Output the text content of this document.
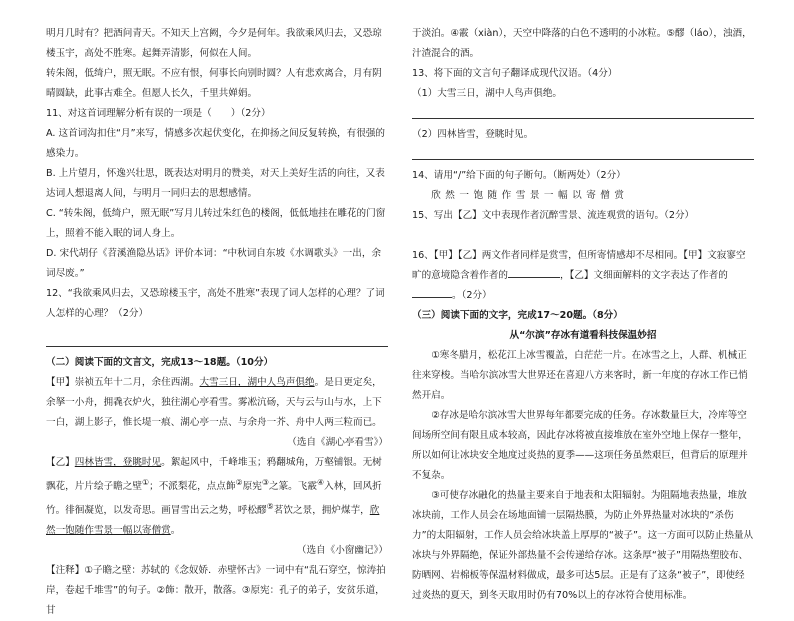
明月几时有？把酒问青天。不知天上宫阙，今夕是何年。我欲乘风归去，又恐琼楼玉宇，高处不胜寒。起舞弄清影，何似在人间。

转朱阁，低绮户，照无眠。不应有恨，何事长向别时圆？人有悲欢离合，月有阴晴圆缺，此事古难全。但愿人长久，千里共婵娟。

11、对这首词理解分析有误的一项是（　　）（2分）

A. 这首词沟扣住“月”来写，情感多次起伏变化，在抑扬之间反复转换，有很强的感染力。

B. 上片望月，怀逸兴壮思，既表达对明月的赞美，对天上美好生活的向往，又表达词人想退离人间，与明月一同归去的思想感情。

C. “转朱阁，低绮户，照无眠”写月儿转过朱红色的楼阁，低低地挂在雕花的门窗上，照着不能入眠的词人身上。

D. 宋代胡仔《苕溪渔隐丛话》评价本词：“中秋词自东坡《水调歌头》一出，余词尽废。”

12、“我欲乘风归去，又恐琼楼玉宇，高处不胜寒”表现了词人怎样的心理？了词人怎样的心理？（2分）

（二）阅读下面的文言文，完成13～18题。（10分）

【甲】崇祯五年十二月，余住西湖。大雪三日，湖中人鸟声俱绝。是日更定矣，余拏一小舟，拥毳衣炉火，独往湖心亭看雪。雾凇沆砀，天与云与山与水，上下一白，湖上影子，惟长堤一痕、湖心亭一点、与余舟一芥、舟中人两三粒而已。

（选自《湖心亭看雪》）

【乙】四林皆雪，登眺时见。絮起风中，千峰堆玉；鸦翻城角，万壑铺银。无树飘花，片片绘子瞻之壁①；不派梨花，点点飾②原宪③之篆。飞霰④入林，回风折竹。徘徊凝览，以发奇思。画冒雪出云之势，呼松醪⑤茗饮之景，拥炉煤芋，欣然一饱随作雪景一幅以寄僧赏。

（选自《小窗幽记》）

【注释】①子瞻之壁：苏轼的《念奴娇．赤壁怀古》一词中有“乱石穿空，惊涛拍岸，卷起千堆雪”的句子。②飾：散开，散落。③原宪：孔子的弟子，安贫乐道，甘

于淡泊。④霰（xiàn），天空中降落的白色不透明的小冰粒。⑤醪（láo），浊酒，汁渣混合的酒。

13、将下面的文言句子翻译成现代汉语。（4分）

（1）大雪三日，湖中人鸟声俱绝。

（2）四林皆雪，登眺时见。

14、请用“/”给下面的句子断句。（断两处）（2分）

欣然一饱随作雪景一幅以寄僧赏

15、写出【乙】文中表现作者沉醉雪景、流连观赏的语句。（2分）

16、【甲】【乙】两文作者同样是赏雪，但所寄情感却不尽相同。【甲】文寂寥空旷的意境隐含着作者的	，【乙】文细面解料的文字表达了作者的。（2分）

（三）阅读下面的文字，完成17～20题。（8分）

从“尔滨”存冰有道看科技保温妙招

①寒冬腊月，松花江上冰雪覆盖，白茫茫一片。在冰雪之上，人群、机械正往来穿梭。当哈尔滨冰雪大世界还在喜迎八方来客时，新一年度的存冰工作已悄然开启。

②存冰是哈尔滨冰雪大世界每年都要完成的任务。存冰数量巨大，冷库等空间场所空间有限且成本较高，因此存冰将被直接堆放在室外空地上保存一整年，所以如何让冰块安全地度过炎热的夏季——这项任务虽然艰巨，但背后的原理并不复杂。

③可使存冰融化的热量主要来自于地表和太阳辐射。为阻隔地表热量，堆放冰块前，工作人员会在场地面铺一层隔热膜，为防止外界热量对冰块的“杀伤力”的太阳辐射，工作人员会给冰块盖上厚厚的“被子”。这一方面可以防止热量从冰块与外界隔绝，保证外部热量不会传递给存冰。这条厚“被子”用隔热塑胶布、防晒网、岩棉板等保温材料做成，最多可达5层。正是有了这条“被子”，即使经过炎热的夏天，到冬天取用时仍有70%以上的存冰符合使用标准。
